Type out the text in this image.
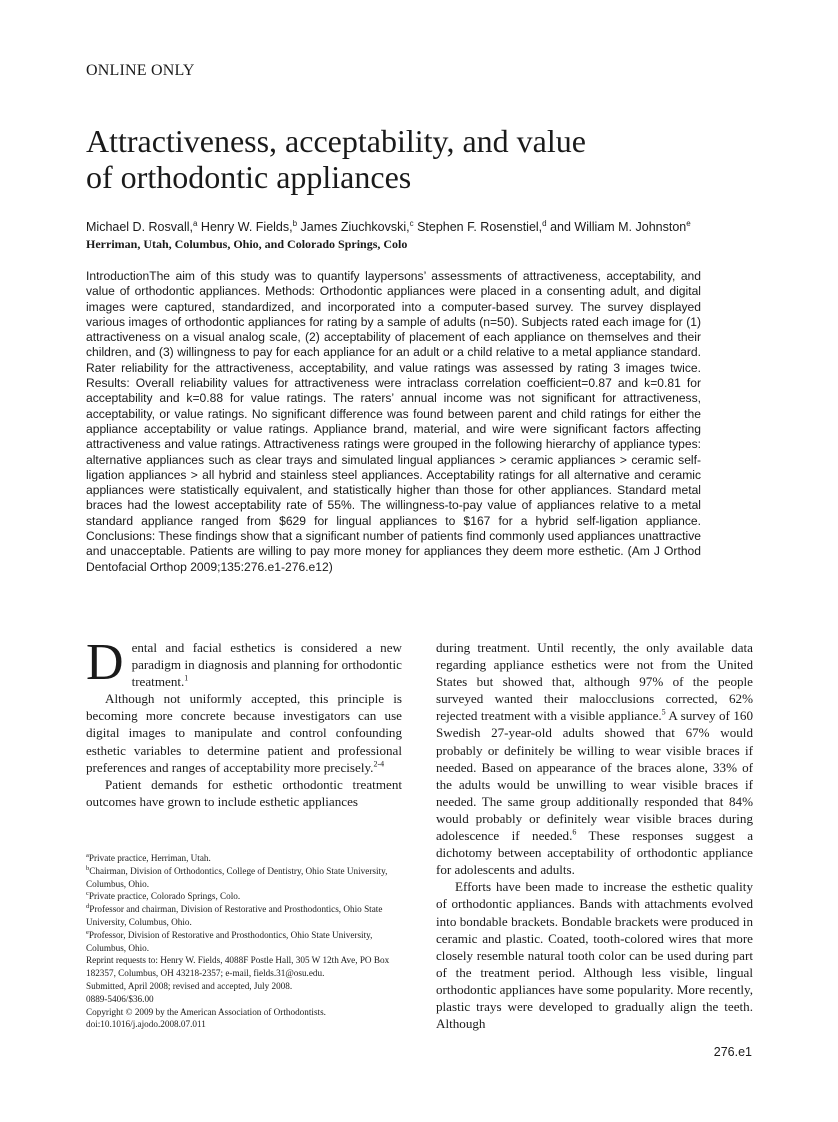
ONLINE ONLY
Attractiveness, acceptability, and value
of orthodontic appliances
Michael D. Rosvall,$^a$ Henry W. Fields,$^b$ James Ziuchkovski,$^c$ Stephen F. Rosenstiel,$^d$ and William M. Johnston$^e$
Herriman, Utah, Columbus, Ohio, and Colorado Springs, Colo
IntroductionThe aim of this study was to quantify laypersons’ assessments of attractiveness, acceptability, and value of orthodontic appliances. Methods: Orthodontic appliances were placed in a consenting adult, and digital images were captured, standardized, and incorporated into a computer-based survey. The survey displayed various images of orthodontic appliances for rating by a sample of adults (n=50). Subjects rated each image for (1) attractiveness on a visual analog scale, (2) acceptability of placement of each appliance on themselves and their children, and (3) willingness to pay for each appliance for an adult or a child relative to a metal appliance standard. Rater reliability for the attractiveness, acceptability, and value ratings was assessed by rating 3 images twice. Results: Overall reliability values for attractiveness were intraclass correlation coefficient=0.87 and k=0.81 for acceptability and k=0.88 for value ratings. The raters’ annual income was not significant for attractiveness, acceptability, or value ratings. No significant difference was found between parent and child ratings for either the appliance acceptability or value ratings. Appliance brand, material, and wire were significant factors affecting attractiveness and value ratings. Attractiveness ratings were grouped in the following hierarchy of appliance types: alternative appliances such as clear trays and simulated lingual appliances > ceramic appliances > ceramic self-ligation appliances > all hybrid and stainless steel appliances. Acceptability ratings for all alternative and ceramic appliances were statistically equivalent, and statistically higher than those for other appliances. Standard metal braces had the lowest acceptability rate of 55%. The willingness-to-pay value of appliances relative to a metal standard appliance ranged from $629 for lingual appliances to $167 for a hybrid self-ligation appliance. Conclusions: These findings show that a significant number of patients find commonly used appliances unattractive and unacceptable. Patients are willing to pay more money for appliances they deem more esthetic. (Am J Orthod Dentofacial Orthop 2009;135:276.e1-276.e12)

Dental and facial esthetics is considered a new paradigm in diagnosis and planning for orthodontic treatment.$^1$

Although not uniformly accepted, this principle is becoming more concrete because investigators can use digital images to manipulate and control confounding esthetic variables to determine patient and professional preferences and ranges of acceptability more precisely.$^{2-4}$

Patient demands for esthetic orthodontic treatment outcomes have grown to include esthetic appliances

during treatment. Until recently, the only available data regarding appliance esthetics were not from the United States but showed that, although 97% of the people surveyed wanted their malocclusions corrected, 62% rejected treatment with a visible appliance.$^5$ A survey of 160 Swedish 27-year-old adults showed that 67% would probably or definitely be willing to wear visible braces if needed. Based on appearance of the braces alone, 33% of the adults would be unwilling to wear visible braces if needed. The same group additionally responded that 84% would probably or definitely wear visible braces during adolescence if needed.$^6$ These responses suggest a dichotomy between acceptability of orthodontic appliance for adolescents and adults.

Efforts have been made to increase the esthetic quality of orthodontic appliances. Bands with attachments evolved into bondable brackets. Bondable brackets were produced in ceramic and plastic. Coated, tooth-colored wires that more closely resemble natural tooth color can be used during part of the treatment period. Although less visible, lingual orthodontic appliances have some popularity. More recently, plastic trays were developed to gradually align the teeth. Although

$^a$Private practice, Herriman, Utah.
$^b$Chairman, Division of Orthodontics, College of Dentistry, Ohio State University, Columbus, Ohio.
$^c$Private practice, Colorado Springs, Colo.
$^d$Professor and chairman, Division of Restorative and Prosthodontics, Ohio State University, Columbus, Ohio.
$^e$Professor, Division of Restorative and Prosthodontics, Ohio State University, Columbus, Ohio.
Reprint requests to: Henry W. Fields, 4088F Postle Hall, 305 W 12th Ave, PO Box 182357, Columbus, OH 43218-2357; e-mail, fields.31@osu.edu.
Submitted, April 2008; revised and accepted, July 2008.
0889-5406/$36.00
Copyright © 2009 by the American Association of Orthodontists.
doi:10.1016/j.ajodo.2008.07.011
276.e1
